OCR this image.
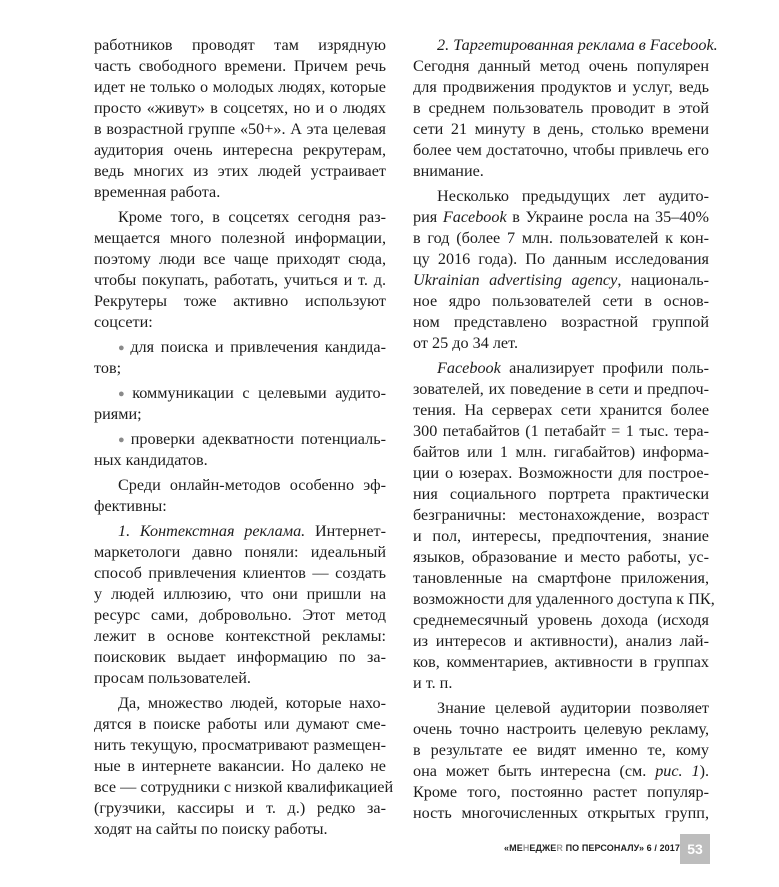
работников проводят там изрядную
часть свободного времени. Причем речь
идет не только о молодых людях, которые
просто «живут» в соцсетях, но и о людях
в возрастной группе «50+». А эта целевая
аудитория очень интересна рекрутерам,
ведь многих из этих людей устраивает
временная работа.
Кроме того, в соцсетях сегодня раз-
мещается много полезной информации,
поэтому люди все чаще приходят сюда,
чтобы покупать, работать, учиться и т. д.
Рекрутеры тоже активно используют
соцсети:
● для поиска и привлечения кандида-
тов;
● коммуникации с целевыми аудито-
риями;
● проверки адекватности потенциаль-
ных кандидатов.
Среди онлайн-методов особенно эф-
фективны:
1. Контекстная реклама. Интернет-
маркетологи давно поняли: идеальный
способ привлечения клиентов — создать
у людей иллюзию, что они пришли на
ресурс сами, добровольно. Этот метод
лежит в основе контекстной рекламы:
поисковик выдает информацию по за-
просам пользователей.
Да, множество людей, которые нахо-
дятся в поиске работы или думают сме-
нить текущую, просматривают размещен-
ные в интернете вакансии. Но далеко не
все — сотрудники с низкой квалификацией
(грузчики, кассиры и т. д.) редко за-
ходят на сайты по поиску работы.
2. Таргетированная реклама в Facebook.
Сегодня данный метод очень популярен
для продвижения продуктов и услуг, ведь
в среднем пользователь проводит в этой
сети 21 минуту в день, столько времени
более чем достаточно, чтобы привлечь его
внимание.
Несколько предыдущих лет аудито-
рия Facebook в Украине росла на 35–40%
в год (более 7 млн. пользователей к кон-
цу 2016 года). По данным исследования
Ukrainian advertising agency, националь-
ное ядро пользователей сети в основ-
ном представлено возрастной группой
от 25 до 34 лет.
Facebook анализирует профили поль-
зователей, их поведение в сети и предпоч-
тения. На серверах сети хранится более
300 петабайтов (1 петабайт = 1 тыс. тера-
байтов или 1 млн. гигабайтов) информа-
ции о юзерах. Возможности для построе-
ния социального портрета практически
безграничны: местонахождение, возраст
и пол, интересы, предпочтения, знание
языков, образование и место работы, ус-
тановленные на смартфоне приложения,
возможности для удаленного доступа к ПК,
среднемесячный уровень дохода (исходя
из интересов и активности), анализ лай-
ков, комментариев, активности в группах
и т. п.
Знание целевой аудитории позволяет
очень точно настроить целевую рекламу,
в результате ее видят именно те, кому
она может быть интересна (см. рис. 1).
Кроме того, постоянно растет популяр-
ность многочисленных открытых групп,
«МЕНЕДЖЕR ПО ПЕРСОНАЛУ» 6 / 2017 53
